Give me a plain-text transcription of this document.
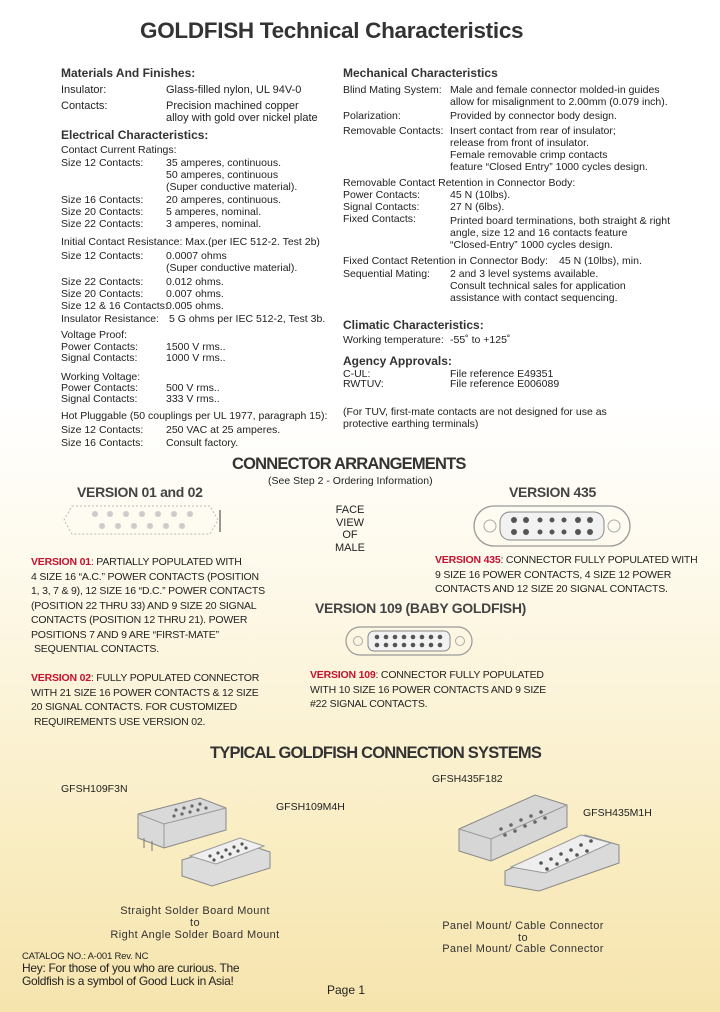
GOLDFISH Technical Characteristics
Materials And Finishes:
Insulator:	Glass-filled nylon, UL 94V-0
Contacts:	Precision machined copper
alloy with gold over nickel plate
Electrical Characteristics:
Contact Current Ratings:
Size 12 Contacts: 35 amperes, continuous.
50 amperes, continuous
(Super conductive material).
Size 16 Contacts: 20 amperes, continuous.
Size 20 Contacts: 5 amperes, nominal.
Size 22 Contacts: 3 amperes, nominal.
Initial Contact Resistance: Max.(per IEC 512-2. Test 2b)
Size 12 Contacts: 0.0007 ohms
(Super conductive material).
Size 22 Contacts: 0.012 ohms.
Size 20 Contacts: 0.007 ohms.
Size 12 & 16 Contacts:
0.005 ohms.
Insulator Resistance: 5 G ohms per IEC 512-2, Test 3b.
Voltage Proof:
Power Contacts:	1500 V rms..
Signal Contacts:	1000 V rms..
Working Voltage:
Power Contacts:	500 V rms..
Signal Contacts:	333 V rms..
Hot Pluggable (50 couplings per UL 1977, paragraph 15):
Size 12 Contacts: 250 VAC at 25 amperes.
Size 16 Contacts: Consult factory.
Mechanical Characteristics
Blind Mating System: Male and female connector molded-in guides
allow for misalignment to 2.00mm (0.079 inch).
Polarization:	Provided by connector body design.
Removable Contacts: Insert contact from rear of insulator;
release from front of insulator.
Female removable crimp contacts
feature “Closed Entry” 1000 cycles design.
Removable Contact Retention in Connector Body:
Power Contacts:	45 N (10lbs).
Signal Contacts:	27 N (6lbs).
Fixed Contacts:	Printed board terminations, both straight & right
angle, size 12 and 16 contacts feature
“Closed-Entry” 1000 cycles design.
Fixed Contact Retention in Connector Body: 45 N (10lbs), min.
Sequential Mating: 2 and 3 level systems available.
Consult technical sales for application
assistance with contact sequencing.
Climatic Characteristics:
Working temperature: -55˚ to +125˚
Agency Approvals:
C-UL:	File reference E49351
RWTUV:	File reference E006089
(For TUV, first-mate contacts are not designed for use as
protective earthing terminals)
CONNECTOR ARRANGEMENTS
(See Step 2 - Ordering Information)
VERSION 01 and 02	VERSION 435
FACE
VIEW
OF
MALE
VERSION 01: PARTIALLY POPULATED WITH
4 SIZE 16 “A.C.” POWER CONTACTS (POSITION
1, 3, 7 & 9), 12 SIZE 16 “D.C.” POWER CONTACTS
(POSITION 22 THRU 33) AND 9 SIZE 20 SIGNAL
CONTACTS (POSITION 12 THRU 21). POWER
POSITIONS 7 AND 9 ARE “FIRST-MATE”
SEQUENTIAL CONTACTS.
VERSION 02: FULLY POPULATED CONNECTOR
WITH 21 SIZE 16 POWER CONTACTS & 12 SIZE
20 SIGNAL CONTACTS. FOR CUSTOMIZED
REQUIREMENTS USE VERSION 02.
VERSION 435: CONNECTOR FULLY POPULATED WITH
9 SIZE 16 POWER CONTACTS, 4 SIZE 12 POWER
CONTACTS AND 12 SIZE 20 SIGNAL CONTACTS.
VERSION 109 (BABY GOLDFISH)
VERSION 109: CONNECTOR FULLY POPULATED
WITH 10 SIZE 16 POWER CONTACTS AND 9 SIZE
#22 SIGNAL CONTACTS.
TYPICAL GOLDFISH CONNECTION SYSTEMS
GFSH109F3N
GFSH109M4H
GFSH435F182
GFSH435M1H
Straight Solder Board Mount
to
Right Angle Solder Board Mount
Panel Mount/ Cable Connector
to
Panel Mount/ Cable Connector
CATALOG NO.: A-001 Rev. NC
Hey: For those of you who are curious. The
Goldfish is a symbol of Good Luck in Asia!
Page 1
